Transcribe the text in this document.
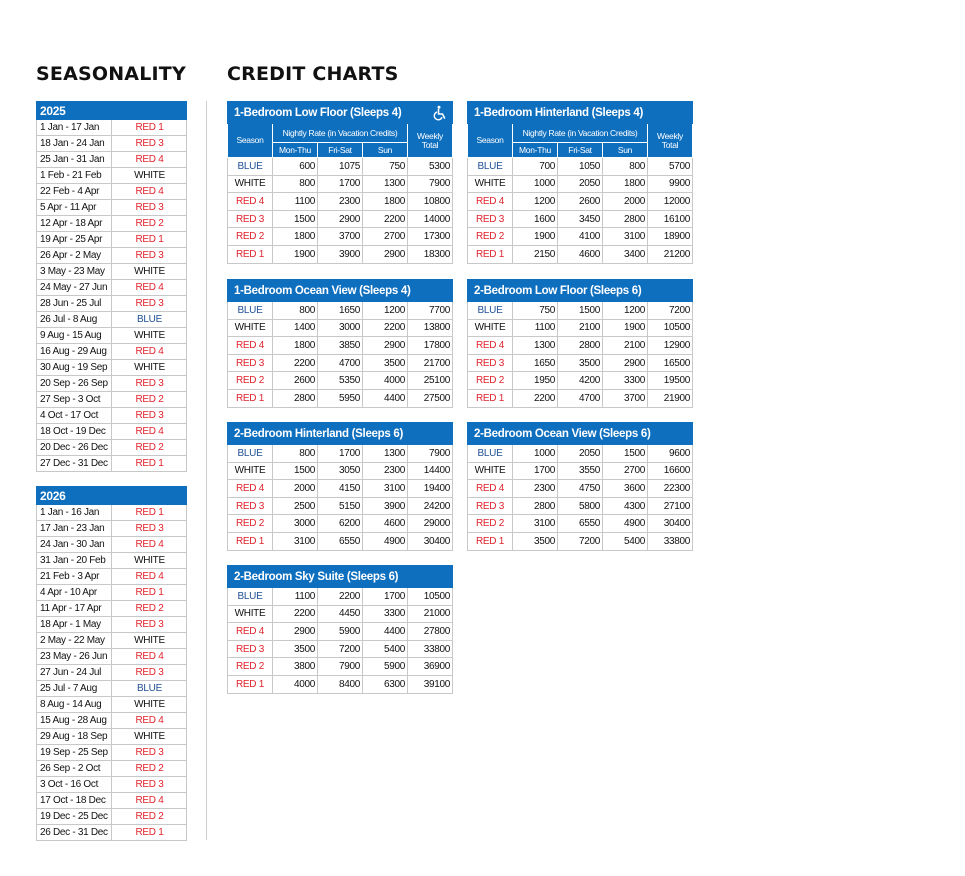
SEASONALITY CREDIT CHARTS
2025	
1 Jan - 17 Jan	RED 1
18 Jan - 24 Jan	RED 3
25 Jan - 31 Jan	RED 4
1 Feb - 21 Feb	WHITE
22 Feb - 4 Apr	RED 4
5 Apr - 11 Apr	RED 3
12 Apr - 18 Apr	RED 2
19 Apr - 25 Apr	RED 1
26 Apr - 2 May	RED 3
3 May - 23 May	WHITE
24 May - 27 Jun	RED 4
28 Jun - 25 Jul	RED 3
26 Jul - 8 Aug	BLUE
9 Aug - 15 Aug	WHITE
16 Aug - 29 Aug	RED 4
30 Aug - 19 Sep	WHITE
20 Sep - 26 Sep	RED 3
27 Sep - 3 Oct	RED 2
4 Oct - 17 Oct	RED 3
18 Oct - 19 Dec	RED 4
20 Dec - 26 Dec	RED 2
27 Dec - 31 Dec	RED 1
2026	
1 Jan - 16 Jan	RED 1
17 Jan - 23 Jan	RED 3
24 Jan - 30 Jan	RED 4
31 Jan - 20 Feb	WHITE
21 Feb - 3 Apr	RED 4
4 Apr - 10 Apr	RED 1
11 Apr - 17 Apr	RED 2
18 Apr - 1 May	RED 3
2 May - 22 May	WHITE
23 May - 26 Jun	RED 4
27 Jun - 24 Jul	RED 3
25 Jul - 7 Aug	BLUE
8 Aug - 14 Aug	WHITE
15 Aug - 28 Aug	RED 4
29 Aug - 18 Sep	WHITE
19 Sep - 25 Sep	RED 3
26 Sep - 2 Oct	RED 2
3 Oct - 16 Oct	RED 3
17 Oct - 18 Dec	RED 4
19 Dec - 25 Dec	RED 2
26 Dec - 31 Dec	RED 1
1-Bedroom Low Floor (Sleeps 4)				

Season	Nightly Rate (in Vacation Credits)			Weekly Total
	Mon-Thu	Fri-Sat	Sun	
BLUE	600	1075	750	5300
WHITE	800	1700	1300	7900
RED 4	1100	2300	1800	10800
RED 3	1500	2900	2200	14000
RED 2	1800	3700	2700	17300
RED 1	1900	3900	2900	18300
1-Bedroom Hinterland (Sleeps 4)				
Season	Nightly Rate (in Vacation Credits)			Weekly Total
	Mon-Thu	Fri-Sat	Sun	
BLUE	700	1050	800	5700
WHITE	1000	2050	1800	9900
RED 4	1200	2600	2000	12000
RED 3	1600	3450	2800	16100
RED 2	1900	4100	3100	18900
RED 1	2150	4600	3400	21200
1-Bedroom Ocean View (Sleeps 4)				
BLUE	800	1650	1200	7700
WHITE	1400	3000	2200	13800
RED 4	1800	3850	2900	17800
RED 3	2200	4700	3500	21700
RED 2	2600	5350	4000	25100
RED 1	2800	5950	4400	27500
2-Bedroom Low Floor (Sleeps 6)				
BLUE	750	1500	1200	7200
WHITE	1100	2100	1900	10500
RED 4	1300	2800	2100	12900
RED 3	1650	3500	2900	16500
RED 2	1950	4200	3300	19500
RED 1	2200	4700	3700	21900
2-Bedroom Hinterland (Sleeps 6)				
BLUE	800	1700	1300	7900
WHITE	1500	3050	2300	14400
RED 4	2000	4150	3100	19400
RED 3	2500	5150	3900	24200
RED 2	3000	6200	4600	29000
RED 1	3100	6550	4900	30400
2-Bedroom Ocean View (Sleeps 6)				
BLUE	1000	2050	1500	9600
WHITE	1700	3550	2700	16600
RED 4	2300	4750	3600	22300
RED 3	2800	5800	4300	27100
RED 2	3100	6550	4900	30400
RED 1	3500	7200	5400	33800
2-Bedroom Sky Suite (Sleeps 6)				
BLUE	1100	2200	1700	10500
WHITE	2200	4450	3300	21000
RED 4	2900	5900	4400	27800
RED 3	3500	7200	5400	33800
RED 2	3800	7900	5900	36900
RED 1	4000	8400	6300	39100
